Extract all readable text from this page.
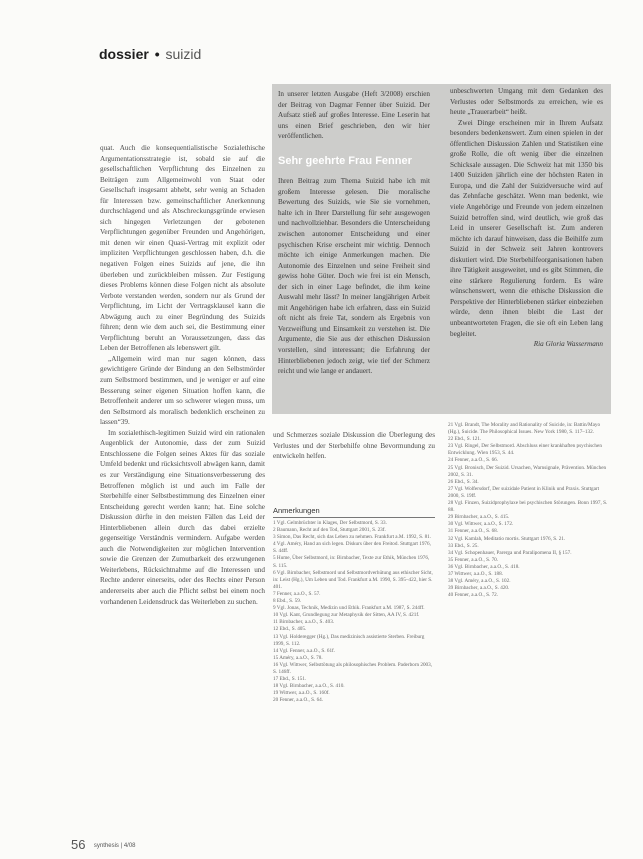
dossier • suizid

quat. Auch die konsequentialistische Sozialethische Argumentationsstrategie ist, sobald sie auf die gesellschaftlichen Verpflichtung des Einzelnen zu Beiträgen zum Allgemeinwohl von Staat oder Gesellschaft insgesamt abhebt, sehr wenig an Schaden für Interessen bzw. gemeinschaftlicher Anerkennung durchschlagend und als Abschreckungsgründe erwiesen sich hingegen Verletzungen der gebotenen Verpflichtungen gegenüber Freunden und Angehörigen, mit denen wir einen Quasi-Vertrag mit explizit oder impliziten Verpflichtungen geschlossen haben, d.h. die negativen Folgen eines Suizids auf jene, die ihn überleben und zurückbleiben müssen. Zur Festigung dieses Problems können diese Folgen nicht als absolute Verbote verstanden werden, sondern nur als Grund der Verpflichtung, im Licht der Vertragsklausel kann die Abwägung auch zu einer Begründung des Suizids führen; denn wie dem auch sei, die Bestimmung einer Verpflichtung beruht an Voraussetzungen, dass das Leben der Betroffenen als lebenswert gilt.

„Allgemein wird man nur sagen können, dass gewichtigere Gründe der Bindung an den Selbstmörder zum Selbstmord bestimmen, und je weniger er auf eine Besserung seiner eigenen Situation hoffen kann, die Betroffenheit anderer um so schwerer wiegen muss, um den Selbstmord als moralisch bedenklich erscheinen zu lassen“39.

Im sozialethisch-legitimen Suizid wird ein rationalen Augenblick der Autonomie, dass der zum Suizid Entschlossene die Folgen seines Aktes für das soziale Umfeld bedenkt und rücksichtsvoll abwägen kann, damit es zur Verständigung eine Situationsverbesserung des Betroffenen möglich ist und auch im Falle der Sterbehilfe einer Selbstbestimmung des Einzelnen einer Entscheidung gerecht werden kann; hat. Eine solche Diskussion dürfte in den meisten Fällen das Leid der Hinterbliebenen allein durch das dabei erzielte gegenseitige Verständnis vermindern. Aufgabe werden auch die Notwendigkeiten zur möglichen Intervention sowie die Grenzen der Zumutbarkeit des erzwungenen Weiterlebens, Rücksichtnahme auf die Interessen und Rechte anderer einerseits, oder des Rechts einer Person andererseits aber auch die Pflicht selbst bei einem noch vorhandenen Leidensdruck das Weiterleben zu suchen.

In unserer letzten Ausgabe (Heft 3/2008) erschien der Beitrag von Dagmar Fenner über Suizid. Der Aufsatz stieß auf großes Interesse. Eine Leserin hat uns einen Brief geschrieben, den wir hier veröffentlichen.

Sehr geehrte Frau Fenner

Ihren Beitrag zum Thema Suizid habe ich mit großem Interesse gelesen. Die moralische Bewertung des Suizids, wie Sie sie vornehmen, halte ich in Ihrer Darstellung für sehr ausgewogen und nachvollziehbar. Besonders die Unterscheidung zwischen autonomer Entscheidung und einer psychischen Krise erscheint mir wichtig. Dennoch möchte ich einige Anmerkungen machen. Die Autonomie des Einzelnen und seine Freiheit sind gewiss hohe Güter. Doch wie frei ist ein Mensch, der sich in einer Lage befindet, die ihm keine Auswahl mehr lässt? In meiner langjährigen Arbeit mit Angehörigen habe ich erfahren, dass ein Suizid oft nicht als freie Tat, sondern als Ergebnis von Verzweiflung und Einsamkeit zu verstehen ist. Die Argumente, die Sie aus der ethischen Diskussion vorstellen, sind interessant; die Erfahrung der Hinterbliebenen jedoch zeigt, wie tief der Schmerz reicht und wie lange er andauert.

unbeschwerten Umgang mit dem Gedanken des Verlustes oder Selbstmords zu erreichen, wie es heute „Trauerarbeit“ heißt.

Zwei Dinge erscheinen mir in Ihrem Aufsatz besonders bedenkenswert. Zum einen spielen in der öffentlichen Diskussion Zahlen und Statistiken eine große Rolle, die oft wenig über die einzelnen Schicksale aussagen. Die Schweiz hat mit 1350 bis 1400 Suiziden jährlich eine der höchsten Raten in Europa, und die Zahl der Suizidversuche wird auf das Zehnfache geschätzt. Wenn man bedenkt, wie viele Angehörige und Freunde von jedem einzelnen Suizid betroffen sind, wird deutlich, wie groß das Leid in unserer Gesellschaft ist. Zum anderen möchte ich darauf hinweisen, dass die Beihilfe zum Suizid in der Schweiz seit Jahren kontrovers diskutiert wird. Die Sterbehilfeorganisationen haben ihre Tätigkeit ausgeweitet, und es gibt Stimmen, die eine stärkere Regulierung fordern. Es wäre wünschenswert, wenn die ethische Diskussion die Perspektive der Hinterbliebenen stärker einbeziehen würde, denn ihnen bleibt die Last der unbeantworteten Fragen, die sie oft ein Leben lang begleitet.

Ria Gloria Wassermann

und Schmerzes soziale Diskussion die Überlegung des Verlustes und der Sterbehilfe ohne Bevormundung zu entwickeln helfen.

Anmerkungen

1 Vgl. Gelmbrüchter in Klages, Der Selbstmord, S. 33.

2 Baumann, Recht auf den Tod, Stuttgart 2001, S. 23f.

3 Simon, Das Recht, sich das Leben zu nehmen. Frankfurt a.M. 1992, S. 81.

4 Vgl. Améry, Hand an sich legen. Diskurs über den Freitod. Stuttgart 1976, S. 44ff.

5 Hume, Über Selbstmord, in: Birnbacher, Texte zur Ethik, München 1976, S. 115.

6 Vgl. Birnbacher, Selbstmord und Selbstmordverhütung aus ethischer Sicht, in: Leist (Hg.), Um Leben und Tod. Frankfurt a.M. 1990, S. 395–422, hier S. 401.

7 Fenner, a.a.O., S. 57.

8 Ebd., S. 59.

9 Vgl. Jonas, Technik, Medizin und Ethik. Frankfurt a.M. 1987, S. 244ff.

10 Vgl. Kant, Grundlegung zur Metaphysik der Sitten, AA IV, S. 421f.

11 Birnbacher, a.a.O., S. 403.

12 Ebd., S. 405.

13 Vgl. Holderegger (Hg.), Das medizinisch assistierte Sterben. Freiburg 1999, S. 112.

14 Vgl. Fenner, a.a.O., S. 61f.

15 Améry, a.a.O., S. 78.

16 Vgl. Wittwer, Selbsttötung als philosophisches Problem. Paderborn 2003, S. 146ff.

17 Ebd., S. 151.

18 Vgl. Birnbacher, a.a.O., S. 410.

19 Wittwer, a.a.O., S. 160f.

20 Fenner, a.a.O., S. 64.

21 Vgl. Brandt, The Morality and Rationality of Suicide, in: Battin/Mayo (Hg.), Suicide. The Philosophical Issues. New York 1980, S. 117–132.

22 Ebd., S. 121.

23 Vgl. Ringel, Der Selbstmord. Abschluss einer krankhaften psychischen Entwicklung. Wien 1953, S. 44.

24 Fenner, a.a.O., S. 66.

25 Vgl. Bronisch, Der Suizid. Ursachen, Warnsignale, Prävention. München 2002, S. 31.

26 Ebd., S. 34.

27 Vgl. Wolfersdorf, Der suizidale Patient in Klinik und Praxis. Stuttgart 2000, S. 19ff.

28 Vgl. Finzen, Suizidprophylaxe bei psychischen Störungen. Bonn 1997, S. 88.

29 Birnbacher, a.a.O., S. 415.

30 Vgl. Wittwer, a.a.O., S. 172.

31 Fenner, a.a.O., S. 68.

32 Vgl. Kamlah, Meditatio mortis. Stuttgart 1976, S. 21.

33 Ebd., S. 25.

34 Vgl. Schopenhauer, Parerga und Paralipomena II, § 157.

35 Fenner, a.a.O., S. 70.

36 Vgl. Birnbacher, a.a.O., S. 418.

37 Wittwer, a.a.O., S. 188.

38 Vgl. Améry, a.a.O., S. 102.

39 Birnbacher, a.a.O., S. 420.

40 Fenner, a.a.O., S. 72.

56 synthesis | 4/08
